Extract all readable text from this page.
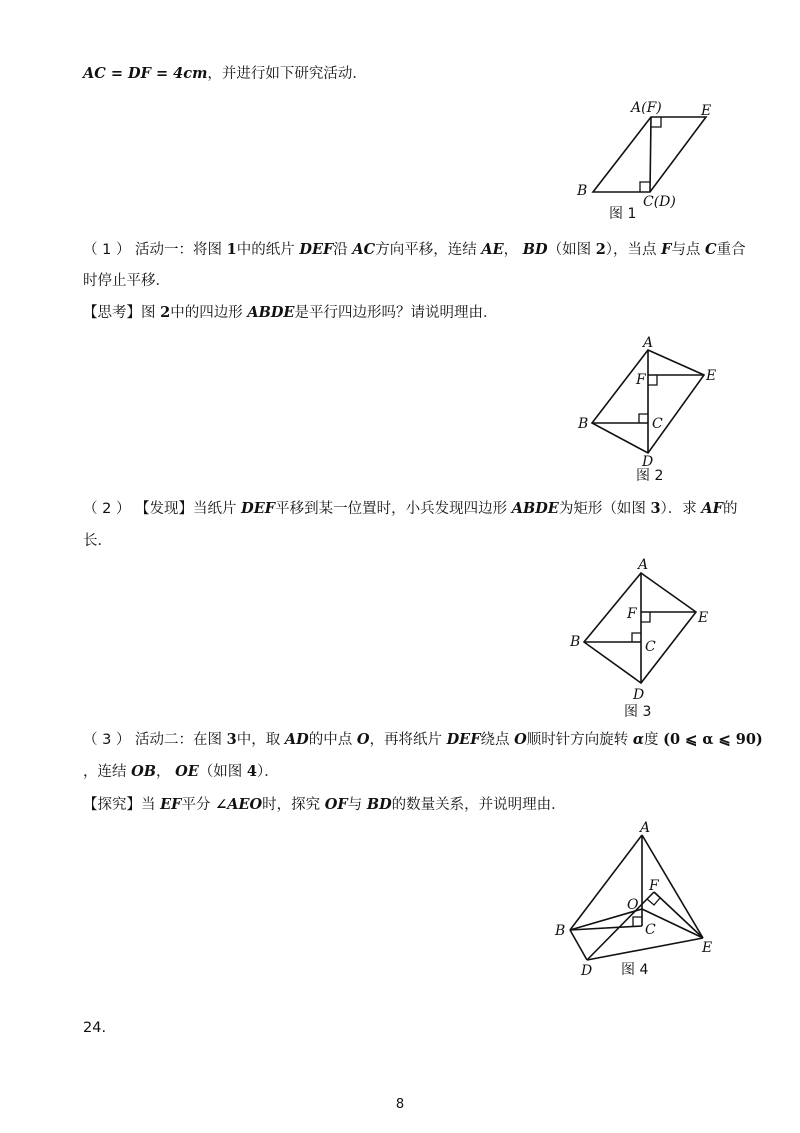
AC = DF = 4cm，并进行如下研究活动．
A(F)	E
B
C(D)
图 1
（ 1 ） 活动一：将图 1中的纸片 DEF沿 AC方向平移，连结 AE， BD（如图 2），当点 F与点 C重合
时停止平移．
【思考】图 2中的四边形 ABDE是平行四边形吗？请说明理由．
A
F	E
B	C
D
图 2
（ 2 ） 【发现】当纸片 DEF平移到某一位置时，小兵发现四边形 ABDE为矩形（如图 3）．求 AF的
长．
A
F	E
B	C
D
图 3
（ 3 ） 活动二：在图 3中，取 AD的中点 O，再将纸片 DEF绕点 O顺时针方向旋转 α度 (0 ⩽ α ⩽ 90)
，连结 OB， OE（如图 4）．
【探究】当 EF平分 ∠AEO时，探究 OF与 BD的数量关系，并说明理由．
A
F
O
B	C
E
D 图 4
24.
8
